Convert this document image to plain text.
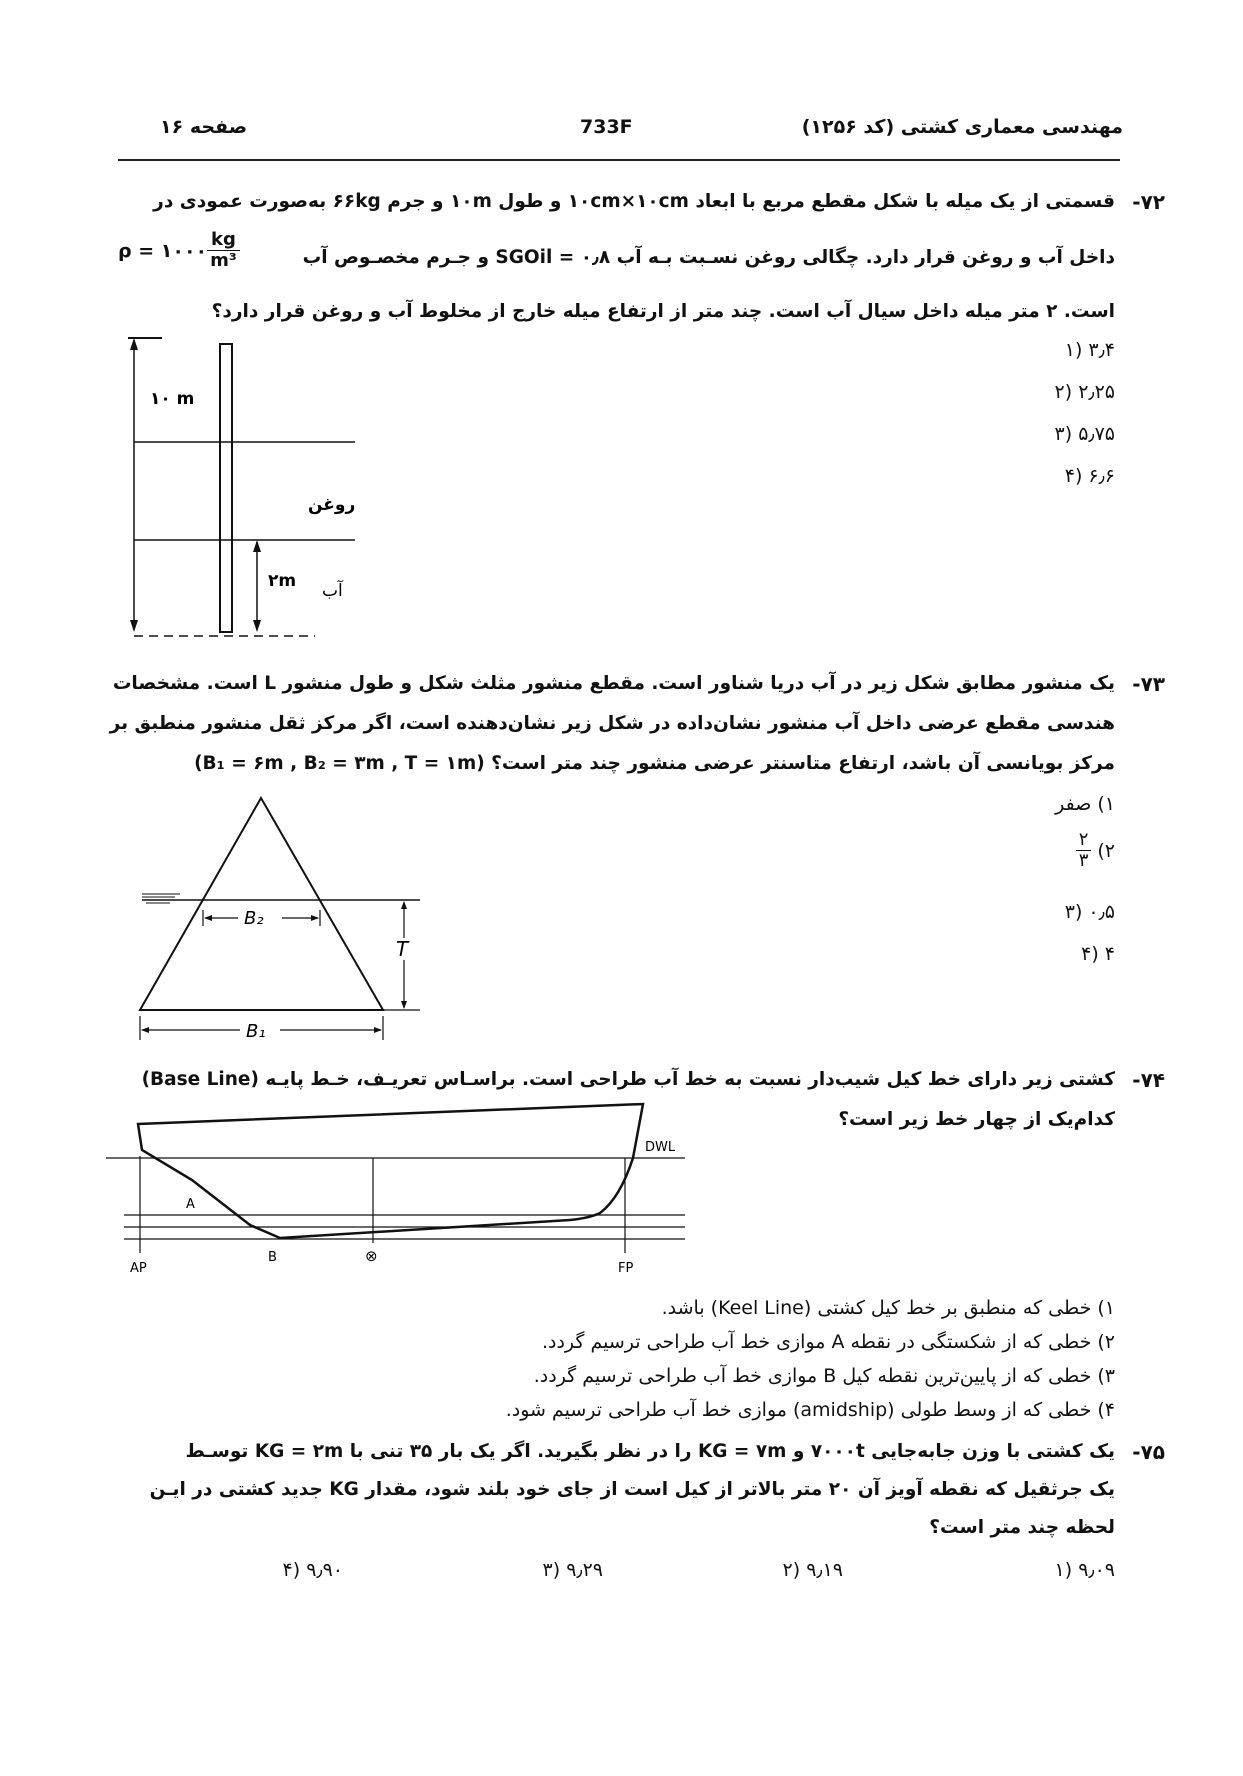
مهندسی معماری کشتی (کد ۱۲۵۶)
733F
صفحه ۱۶
-۷۲
قسمتی از یک میله با شکل مقطع مربع با ابعاد ۱۰cm×۱۰cm و طول ۱۰m و جرم ۶۶kg به‌صورت عمودی در
داخل آب و روغن قرار دارد. چگالی روغن نسـبت بـه آب SGOil = ۰٫۸ و جـرم مخصـوص آب
ρ = ۱۰۰۰ $\frac{kg}{\text{m³}}$
است. ۲ متر میله داخل سیال آب است. چند متر از ارتفاع میله خارج از مخلوط آب و روغن قرار دارد؟
۱) ۳٫۴
۲) ۲٫۲۵
۳) ۵٫۷۵
۴) ۶٫۶
۱۰ m
روغن
آب
۲m
-۷۳
یک منشور مطابق شکل زیر در آب دریا شناور است. مقطع منشور مثلث شکل و طول منشور L است. مشخصات
هندسی مقطع عرضی داخل آب منشور نشان‌داده در شکل زیر نشان‌دهنده است، اگر مرکز ثقل منشور منطبق بر
مرکز بویانسی آن باشد، ارتفاع متاسنتر عرضی منشور چند متر است؟ (B₁ = ۶m , B₂ = ۳m , T = ۱m)
۱) صفر
۲)
$\frac{۲}{۳}$
۳) ۰٫۵
۴) ۴
B₂
T
B₁
-۷۴
کشتی زیر دارای خط کیل شیب‌دار نسبت به خط آب طراحی است. براسـاس تعریـف، خـط پایـه (Base Line)
کدام‌یک از چهار خط زیر است؟
DWL
A
B	⊗
AP	FP
۱) خطی که منطبق بر خط کیل کشتی (Keel Line) باشد.
۲) خطی که از شکستگی در نقطه A موازی خط آب طراحی ترسیم گردد.
۳) خطی که از پایین‌ترین نقطه کیل B موازی خط آب طراحی ترسیم گردد.
۴) خطی که از وسط طولی (amidship) موازی خط آب طراحی ترسیم شود.
-۷۵
یک کشتی با وزن جابه‌جایی ۷۰۰۰t و KG = ۷m را در نظر بگیرید. اگر یک بار ۳۵ تنی با KG = ۲m توسـط
یک جرثقیل که نقطه آویز آن ۲۰ متر بالاتر از کیل است از جای خود بلند شود، مقدار KG جدید کشتی در ایـن
لحظه چند متر است؟
۱) ۹٫۰۹
۲) ۹٫۱۹
۳) ۹٫۲۹
۴) ۹٫۹۰
